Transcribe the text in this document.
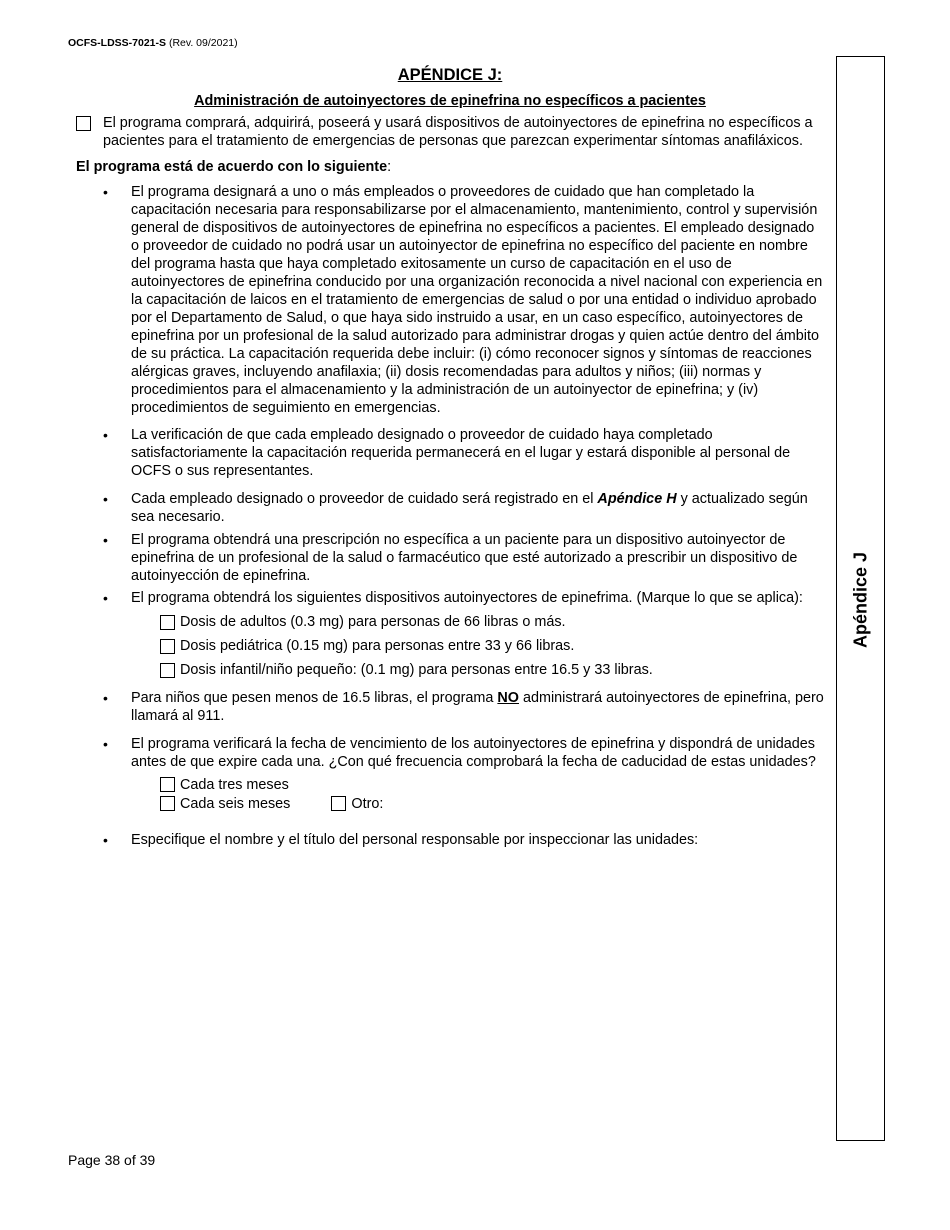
OCFS-LDSS-7021-S (Rev. 09/2021)
Apéndice J
APÉNDICE J:
Administración de autoinyectores de epinefrina no específicos a pacientes
El programa comprará, adquirirá, poseerá y usará dispositivos de autoinyectores de epinefrina no específicos a pacientes para el tratamiento de emergencias de personas que parezcan experimentar síntomas anafiláxicos.
El programa está de acuerdo con lo siguiente:
• El programa designará a uno o más empleados o proveedores de cuidado que han completado la capacitación necesaria para responsabilizarse por el almacenamiento, mantenimiento, control y supervisión general de dispositivos de autoinyectores de epinefrina no específicos a pacientes. El empleado designado o proveedor de cuidado no podrá usar un autoinyector de epinefrina no específico del paciente en nombre del programa hasta que haya completado exitosamente un curso de capacitación en el uso de autoinyectores de epinefrina conducido por una organización reconocida a nivel nacional con experiencia en la capacitación de laicos en el tratamiento de emergencias de salud o por una entidad o individuo aprobado por el Departamento de Salud, o que haya sido instruido a usar, en un caso específico, autoinyectores de epinefrina por un profesional de la salud autorizado para administrar drogas y quien actúe dentro del ámbito de su práctica. La capacitación requerida debe incluir: (i) cómo reconocer signos y síntomas de reacciones alérgicas graves, incluyendo anafilaxia; (ii) dosis recomendadas para adultos y niños; (iii) normas y procedimientos para el almacenamiento y la administración de un autoinyector de epinefrina; y (iv) procedimientos de seguimiento en emergencias.
• La verificación de que cada empleado designado o proveedor de cuidado haya completado satisfactoriamente la capacitación requerida permanecerá en el lugar y estará disponible al personal de OCFS o sus representantes.
• Cada empleado designado o proveedor de cuidado será registrado en el Apéndice H y actualizado según sea necesario.
• El programa obtendrá una prescripción no específica a un paciente para un dispositivo autoinyector de epinefrina de un profesional de la salud o farmacéutico que esté autorizado a prescribir un dispositivo de autoinyección de epinefrina.
• El programa obtendrá los siguientes dispositivos autoinyectores de epinefrima. (Marque lo que se aplica):
Dosis de adultos (0.3 mg) para personas de 66 libras o más.
Dosis pediátrica (0.15 mg) para personas entre 33 y 66 libras.
Dosis infantil/niño pequeño: (0.1 mg) para personas entre 16.5 y 33 libras.
• Para niños que pesen menos de 16.5 libras, el programa NO administrará autoinyectores de epinefrina, pero llamará al 911.
• El programa verificará la fecha de vencimiento de los autoinyectores de epinefrina y dispondrá de unidades antes de que expire cada una. ¿Con qué frecuencia comprobará la fecha de caducidad de estas unidades?
Cada tres meses
Cada seis meses	Otro:
• Especifique el nombre y el título del personal responsable por inspeccionar las unidades:
Page 38 of 39
